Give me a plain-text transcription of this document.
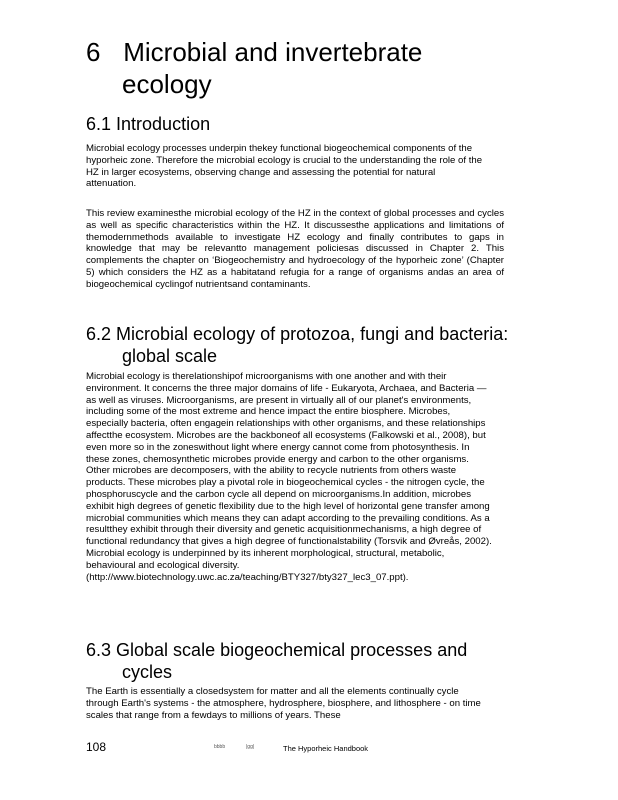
6 Microbial and invertebrate
ecology
6.1 Introduction

Microbial ecology processes underpin thekey functional biogeochemical components of the hyporheic zone. Therefore the microbial ecology is crucial to the understanding the role of the HZ in larger ecosystems, observing change and assessing the potential for natural attenuation.

This review examinesthe microbial ecology of the HZ in the context of global processes and cycles as well as specific characteristics within the HZ. It discussesthe applications and limitations of themodernmethods available to investigate HZ ecology and finally contributes to gaps in knowledge that may be relevantto management policiesas discussed in Chapter 2. This complements the chapter on ‘Biogeochemistry and hydroecology of the hyporheic zone’ (Chapter 5) which considers the HZ as a habitatand refugia for a range of organisms andas an area of biogeochemical cyclingof nutrientsand contaminants.

6.2 Microbial ecology of protozoa, fungi and bacteria:
global scale

Microbial ecology is therelationshipof microorganisms with one another and with their environment. It concerns the three major domains of life - Eukaryota, Archaea, and Bacteria — as well as viruses. Microorganisms, are present in virtually all of our planet's environments, including some of the most extreme and hence impact the entire biosphere. Microbes, especially bacteria, often engagein relationships with other organisms, and these relationships affectthe ecosystem. Microbes are the backboneof all ecosystems (Falkowski et al., 2008), but even more so in the zoneswithout light where energy cannot come from photosynthesis. In these zones, chemosynthetic microbes provide energy and carbon to the other organisms. Other microbes are decomposers, with the ability to recycle nutrients from others waste products. These microbes play a pivotal role in biogeochemical cycles - the nitrogen cycle, the phosphoruscycle and the carbon cycle all depend on microorganisms.In addition, microbes exhibit high degrees of genetic flexibility due to the high level of horizontal gene transfer among microbial communities which means they can adapt according to the prevailing conditions. As a resultthey exhibit through their diversity and genetic acquisitionmechanisms, a high degree of functional redundancy that gives a high degree of functionalstability (Torsvik and Øvreås, 2002). Microbial ecology is underpinned by its inherent morphological, structural, metabolic, behavioural and ecological diversity. (http://www.biotechnology.uwc.ac.za/teaching/BTY327/bty327_lec3_07.ppt).

6.3 Global scale biogeochemical processes and
cycles

The Earth is essentially a closedsystem for matter and all the elements continually cycle through Earth's systems - the atmosphere, hydrosphere, biosphere, and lithosphere - on time scales that range from a fewdays to millions of years. These

108	bbbb	|gg|	The Hyporheic Handbook
